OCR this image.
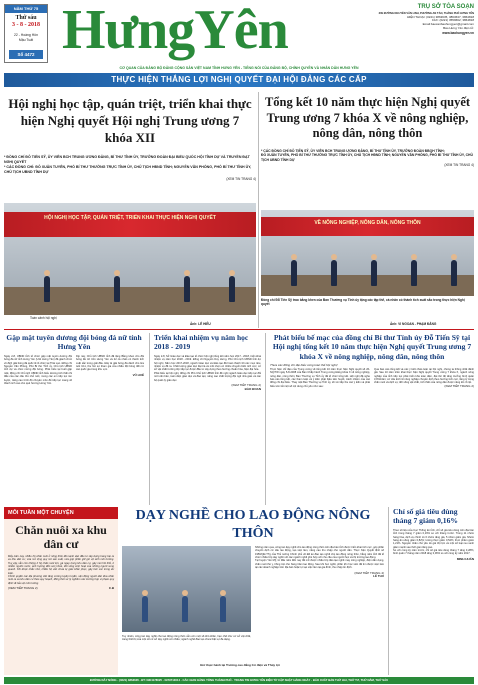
NĂM THỨ 75
Thứ sáu
3 - 8 - 2018
22 - Hoàng Hôn
Mậu Tuất
Số 4472 HưngYên	TRỤ SỞ TÒA SOẠN
309 ĐƯỜNG NGUYỄN VĂN LINH, PHƯỜNG AN TẢO, THÀNH PHỐ HƯNG YÊN
ĐIỆN THOẠI: (0221) 3863635, 3863637, 3864818
FAX: (0221) 3559662; 3864818
Email:baoxanbaohungyen@gmail.com
Báo Hưng Yên điện tử:
www.baohungyen.vn
CƠ QUAN CỦA ĐẢNG BỘ ĐẢNG CỘNG SẢN VIỆT NAM TỈNH HƯNG YÊN - TIẾNG NÓI CỦA ĐẢNG BỘ, CHÍNH QUYỀN VÀ NHÂN DÂN HƯNG YÊN
THỰC HIỆN THẮNG LỢI NGHỊ QUYẾT ĐẠI HỘI ĐẢNG CÁC CẤP
Hội nghị học tập, quán triệt, triển khai thực hiện Nghị quyết Hội nghị Trung ương 7 khóa XII
* ĐỒNG CHÍ ĐỖ TIẾN SỸ, ỦY VIÊN BCH TRUNG ƯƠNG ĐẢNG, BÍ THƯ TỈNH ỦY, TRƯỞNG ĐOÀN ĐẠI BIỂU QUỐC HỘI TỈNH DỰ VÀ TRUYỀN ĐẠT NGHỊ QUYẾT
* CÁC ĐỒNG CHÍ: ĐỖ XUÂN TUYÊN, PHÓ BÍ THƯ THƯỜNG TRỰC TỈNH ỦY, CHỦ TỊCH HĐND TỈNH; NGUYỄN VĂN PHÓNG, PHÓ BÍ THƯ TỈNH ỦY, CHỦ TỊCH UBND TỈNH DỰ
(XEM TIN TRANG 4)
Tổng kết 10 năm thực hiện Nghị quyết Trung ương 7 khóa X về nông nghiệp, nông dân, nông thôn
* CÁC ĐỒNG CHÍ ĐỖ TIẾN SỸ, ỦY VIÊN BCH TRUNG ƯƠNG ĐẢNG, BÍ THƯ TỈNH ỦY, TRƯỞNG ĐOÀN ĐBQH TỈNH;
ĐỖ XUÂN TUYÊN, PHÓ BÍ THƯ THƯỜNG TRỰC TỈNH ỦY, CHỦ TỊCH HĐND TỈNH; NGUYỄN VĂN PHÓNG, PHÓ BÍ THƯ TỈNH ỦY, CHỦ TỊCH UBND TỈNH DỰ
(XEM TIN TRANG 4)
HỘI NGHỊ HỌC TẬP, QUÁN TRIỆT, TRIỂN KHAI THỰC HIỆN NGHỊ QUYẾT
Toàn cảnh hội nghị
Ảnh: LÊ HIẾU
VỀ NÔNG NGHIỆP, NÔNG DÂN, NÔNG THÔN
Đồng chí Đỗ Tiến Sỹ trao bằng khen của Ban Thường vụ Tỉnh ủy tặng các tập thể, cá nhân có thành tích xuất sắc trong thực hiện Nghị quyết
Ảnh: VI NGOAN - PHẠM ĐĂNG
Gặp mặt tuyên dương đội bóng đá nữ tỉnh Hưng Yên
Ngày 2-8, UBND tỉnh tổ chức gặp mặt tuyên dương đội bóng đá nữ tỉnh Hưng Yên (U11 Hưng Yên) đã giành chức vô địch giải bóng đá quốc tế tổ chức tại Thái Lan. Đồng chí Nguyễn Văn Phóng, Phó Bí thư Tỉnh ủy, Chủ tịch UBND tỉnh dự và chúc mừng đội bóng. Phát biểu tại buổi gặp mặt, đồng chí Chủ tịch UBND tỉnh biểu dương tinh thần thi đấu của các cầu thủ nhỏ tuổi, mong các em tiếp tục rèn luyện, nâng cao trình độ chuyên môn để tiếp tục mang về thành tích cao cho quê hương Hưng Yên.
Dịp này, Chủ tịch UBND tỉnh đã tặng Bằng khen cho đội bóng đá nữ U11 Hưng Yên và 22 cá nhân có thành tích xuất sắc trong giải đấu. Đây là giải bóng đá dành cho lứa tuổi U11, thu hút sự tham gia của nhiều đội bóng đến từ các quốc gia trong khu vực.
VŨ HUẾ
Triển khai nhiệm vụ năm học 2018 - 2019
Ngày 2-8, Sở Giáo dục và Đào tạo tổ chức hội nghị tổng kết năm học 2017 - 2018, triển khai nhiệm vụ năm học 2018 - 2019. Đồng chí Nguyễn Duy Hưng, Phó Chủ tịch UBND tỉnh dự hội nghị. Năm học 2017-2018, ngành Giáo dục và Đào tạo đã hoàn thành tốt các mục tiêu, nhiệm vụ đề ra. Chất lượng giáo dục đại trà và mũi nhọn có nhiều chuyển biến tích cực; cơ sở vật chất trường lớp tiếp tục được đầu tư xây dựng theo hướng chuẩn hóa, hiện đại hóa.
Phát biểu tại hội nghị, đồng chí Phó Chủ tịch UBND tỉnh đề nghị ngành Giáo dục tiếp tục đổi mới căn bản, toàn diện giáo dục và đào tạo; nâng cao chất lượng đội ngũ nhà giáo và cán bộ quản lý giáo dục.
(XEM TIẾP TRANG 2)
BẢO ĐOAN
Phát biểu bế mạc của đồng chí Bí thư Tỉnh ủy Đỗ Tiến Sỹ tại Hội nghị tổng kết 10 năm thực hiện Nghị quyết Trung ương 7 khóa X về nông nghiệp, nông dân, nông thôn
Thưa các đồng chí đại biểu cùng toàn thể hội nghị!
Thực hiện chỉ đạo của Trung ương về tổng kết 10 năm thực hiện Nghị quyết số 26-NQ/TW ngày 5-8-2008 của Ban Chấp hành Trung ương Đảng khóa X về nông nghiệp, nông dân, nông thôn; Ban Thường vụ Tỉnh ủy đã tổ chức tổng kết. Hội nghị đã nghe báo cáo tổng kết, các tham luận và ý kiến phát biểu tâm huyết, trách nhiệm của các đồng chí đại biểu. Thay mặt Ban Thường vụ Tỉnh ủy, tôi xin tiếp thu các ý kiến và phát biểu tóm tắt một số nội dung chủ yếu như sau:
Qua báo cáo tổng kết và các ý kiến thảo luận tại hội nghị, chúng ta thống nhất đánh giá: Sau 10 năm triển khai thực hiện Nghị quyết Trung ương 7 khóa X, ngành nông nghiệp của tỉnh tiếp tục phát triển khá toàn diện, đạt tốc độ tăng trưởng bình quân 3,9%/năm; cơ cấu kinh tế nông nghiệp chuyển dịch theo hướng tích cực, tăng tỷ trọng chăn nuôi và dịch vụ; đời sống vật chất, tinh thần của nông dân được nâng lên rõ rệt.
(XEM TIẾP TRANG 2)
MỖI TUẦN MỘT CHUYỆN
Chăn nuôi xa khu dân cư
Mấy năm nay, nhiều hộ chăn nuôi ở nông thôn đã mạnh dạn đầu tư xây dựng trang trại ra xa khu dân cư, vừa mở rộng quy mô sản xuất, vừa góp phần giữ gìn vệ sinh môi trường. Tuy vậy, vẫn còn không ít hộ chăn nuôi lợn, gà ngay trong khu dân cư, gây mùi hôi thối, ô nhiễm nguồn nước, ảnh hưởng đến sức khỏe, đời sống sinh hoạt của những người xung quanh. Khi được nhắc nhở, nhiều hộ vẫn chưa tự giác khắc phục, gây bức xúc trong dư luận.
Chính quyền các địa phương cần tăng cường tuyên truyền, vận động người dân đưa chăn nuôi ra xa khu dân cư theo quy hoạch, đồng thời xử lý nghiêm các trường hợp vi phạm quy định về bảo vệ môi trường.
(XEM TIẾP TRANG 2)	C.B
DẠY NGHỀ CHO LAO ĐỘNG NÔNG THÔN
Tuy nhiên, công tác dạy nghề cho lao động nông thôn vẫn còn một số khó khăn, hạn chế như cơ sở vật chất, trang thiết bị của một số cơ sở dạy nghề còn thiếu; ngành nghề đào tạo chưa thật sự đa dạng.
Những năm qua, công tác dạy nghề cho lao động nông thôn trên địa bàn tỉnh được triển khai tích cực, góp phần chuyển dịch cơ cấu lao động, tạo việc làm, nâng cao thu nhập cho người dân. Thực hiện Quyết định số 1956/QĐ-TTg của Thủ tướng Chính phủ về Đề án đào tạo nghề cho lao động nông thôn, hằng năm tỉnh đã tổ chức nhiều lớp dạy nghề với các ngành nghề phù hợp với nhu cầu của người học và thị trường lao động.
Tại huyện Yên Mỹ, từ đầu năm đến nay đã mở được nhiều lớp đào tạo nghề may công nghiệp, điện dân dụng, chăn nuôi thú y, trồng trọt cho hàng trăm lao động. Sau khi học nghề, phần lớn học viên đã tìm được việc làm tại các doanh nghiệp trên địa bàn hoặc tự tạo việc làm tại gia đình, thu nhập ổn định.
(XEM TIẾP TRANG 4)
LÊ THU
Giờ thực hành tại Trường cao đẳng Cơ điện và Thủy lợi
Chỉ số giá tiêu dùng tháng 7 giảm 0,16%
Theo số liệu của Cục Thống kê tỉnh, chỉ số giá tiêu dùng trên địa bàn tỉnh trong tháng 7 giảm 0,16% so với tháng trước. Trong 11 nhóm hàng hóa, dịch vụ chính có 6 nhóm tăng giá, 5 nhóm giảm giá. Nhóm hàng ăn uống giảm 0,82%; lương thực giảm 0,54%; thực phẩm giảm 1,21%. Nguyên nhân chủ yếu do giá thịt lợn và một số loại rau xanh giảm mạnh sau thời gian tăng cao.
So với cùng kỳ năm trước, chỉ số giá tiêu dùng tháng 7 tăng 3,28%; bình quân 7 tháng năm 2018 tăng 3,06% so với cùng kỳ năm 2017.
MINH HUẤN
ĐƯỜNG DÂY NÓNG - (0221) 3863635 · ĐT: 0904178025 · 0979713014 · CÁC GIAN HÀNG TỔNG THÀNH PHỐ · TRANG TIN HƯNG YÊN ĐIỆN TỬ CẬP NHẬT HÀNG NGÀY · BÁO XUẤT BẢN THỨ HAI, THỨ TƯ, THỨ NĂM, THỨ SÁU
